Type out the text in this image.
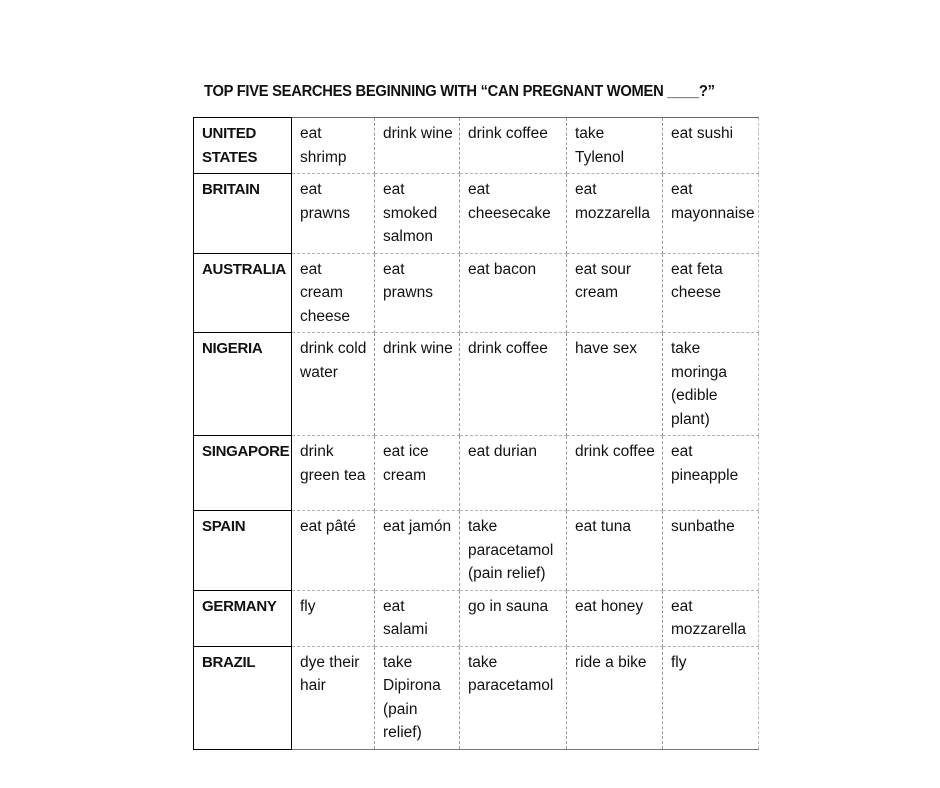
TOP FIVE SEARCHES BEGINNING WITH “CAN PREGNANT WOMEN ____?”
UNITED STATES	eat shrimp	drink wine	drink coffee	take Tylenol	eat sushi
BRITAIN	eat prawns	eat smoked salmon	eat cheesecake	eat mozzarella	eat mayonnaise
AUSTRALIA	eat cream cheese	eat prawns	eat bacon	eat sour cream	eat feta cheese
NIGERIA	drink cold water	drink wine	drink coffee	have sex	take moringa (edible plant)
SINGAPORE	drink green tea	eat ice cream	eat durian	drink coffee	eat pineapple
SPAIN	eat pâté	eat jamón	take paracetamol (pain relief)	eat tuna	sunbathe
GERMANY	fly	eat salami	go in sauna	eat honey	eat mozzarella
BRAZIL	dye their hair	take Dipirona (pain relief)	take paracetamol	ride a bike	fly
